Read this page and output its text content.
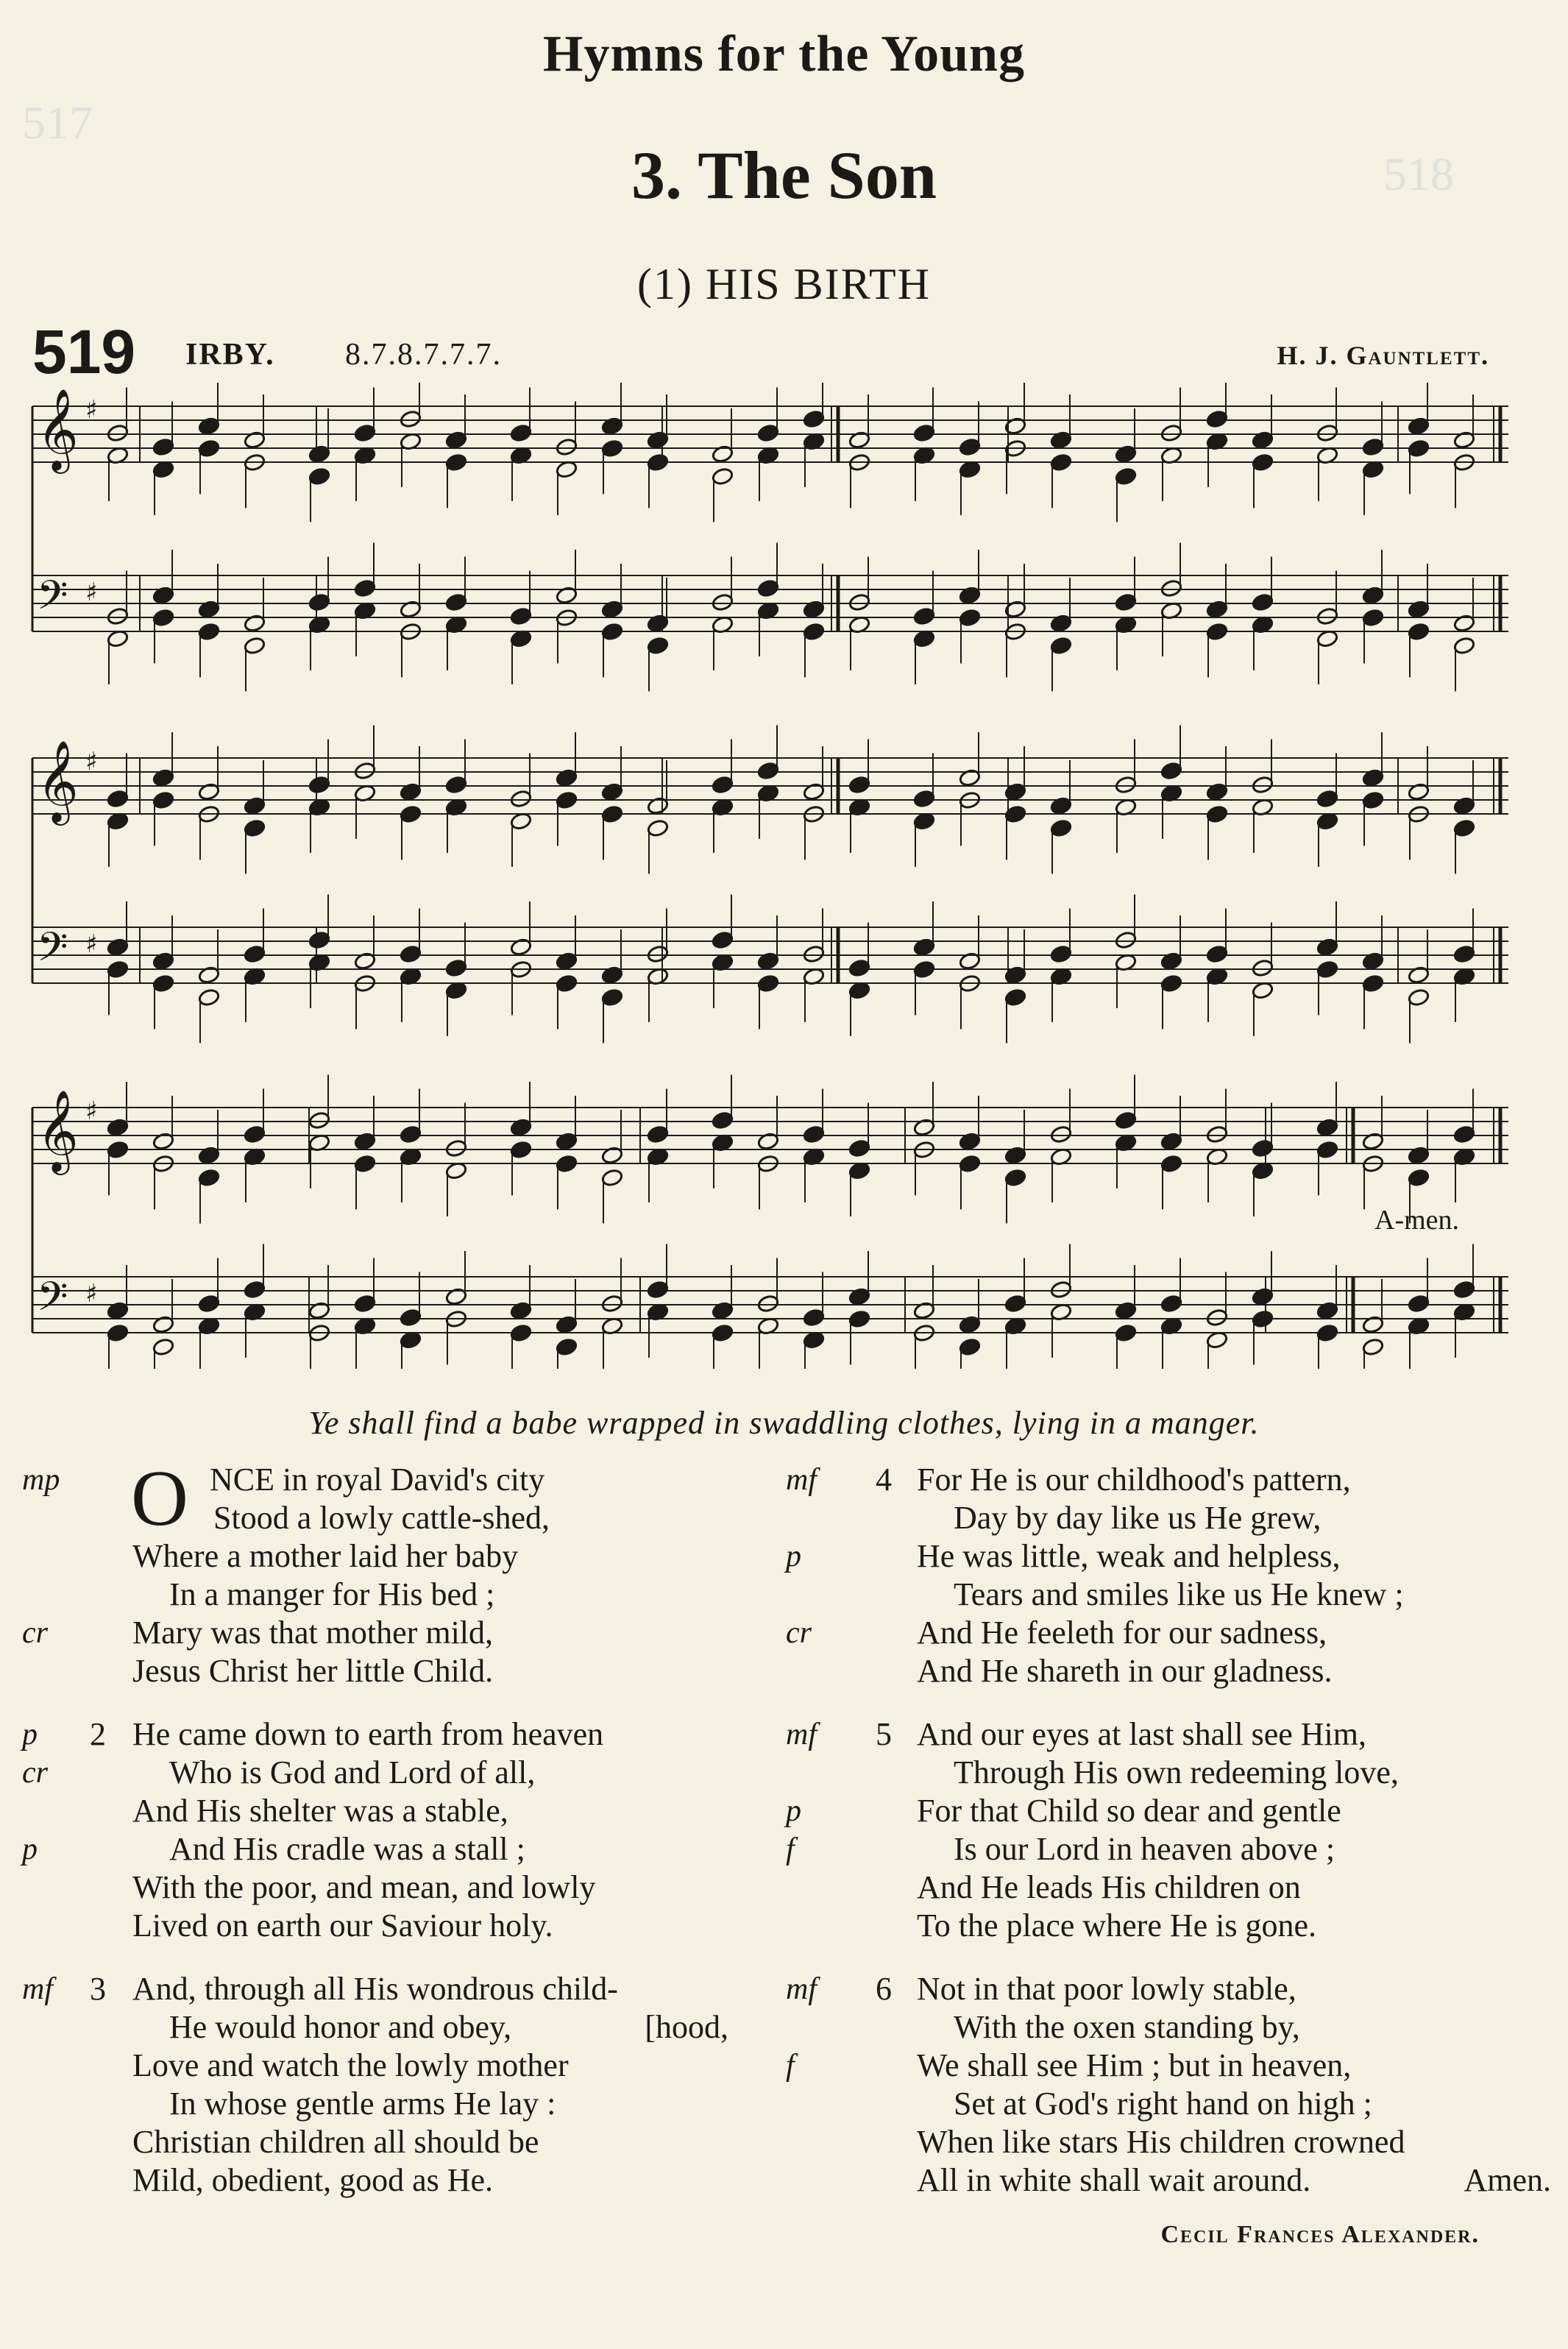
517
518
Hymns for the Young
3. The Son
(1) HIS BIRTH
519 IRBY. 8.7.8.7.7.7.	H. J. Gauntlett.
𝄞 ♯
𝄢 ♯
𝄞 ♯
𝄢 ♯
𝄞 ♯
𝄢 ♯
A-men.
Ye shall find a babe wrapped in swaddling clothes, lying in a manger.
mp O NCE in royal David's city
Stood a lowly cattle-shed,
Where a mother laid her baby
In a manger for His bed ;
cr	Mary was that mother mild,
Jesus Christ her little Child.
p 2 He came down to earth from heaven
cr	Who is God and Lord of all,
And His shelter was a stable,
p	And His cradle was a stall ;
With the poor, and mean, and lowly
Lived on earth our Saviour holy.
mf 3 And, through all His wondrous child-
He would honor and obey,	[hood,
Love and watch the lowly mother
In whose gentle arms He lay :
Christian children all should be
Mild, obedient, good as He.
mf 4 For He is our childhood's pattern,
Day by day like us He grew,
p	He was little, weak and helpless,
Tears and smiles like us He knew ;
cr	And He feeleth for our sadness,
And He shareth in our gladness.
mf 5 And our eyes at last shall see Him,
Through His own redeeming love,
p	For that Child so dear and gentle
f	Is our Lord in heaven above ;
And He leads His children on
To the place where He is gone.
mf 6 Not in that poor lowly stable,
With the oxen standing by,
f	We shall see Him ; but in heaven,
Set at God's right hand on high ;
When like stars His children crowned
All in white shall wait around.	Amen.
Cecil Frances Alexander.
